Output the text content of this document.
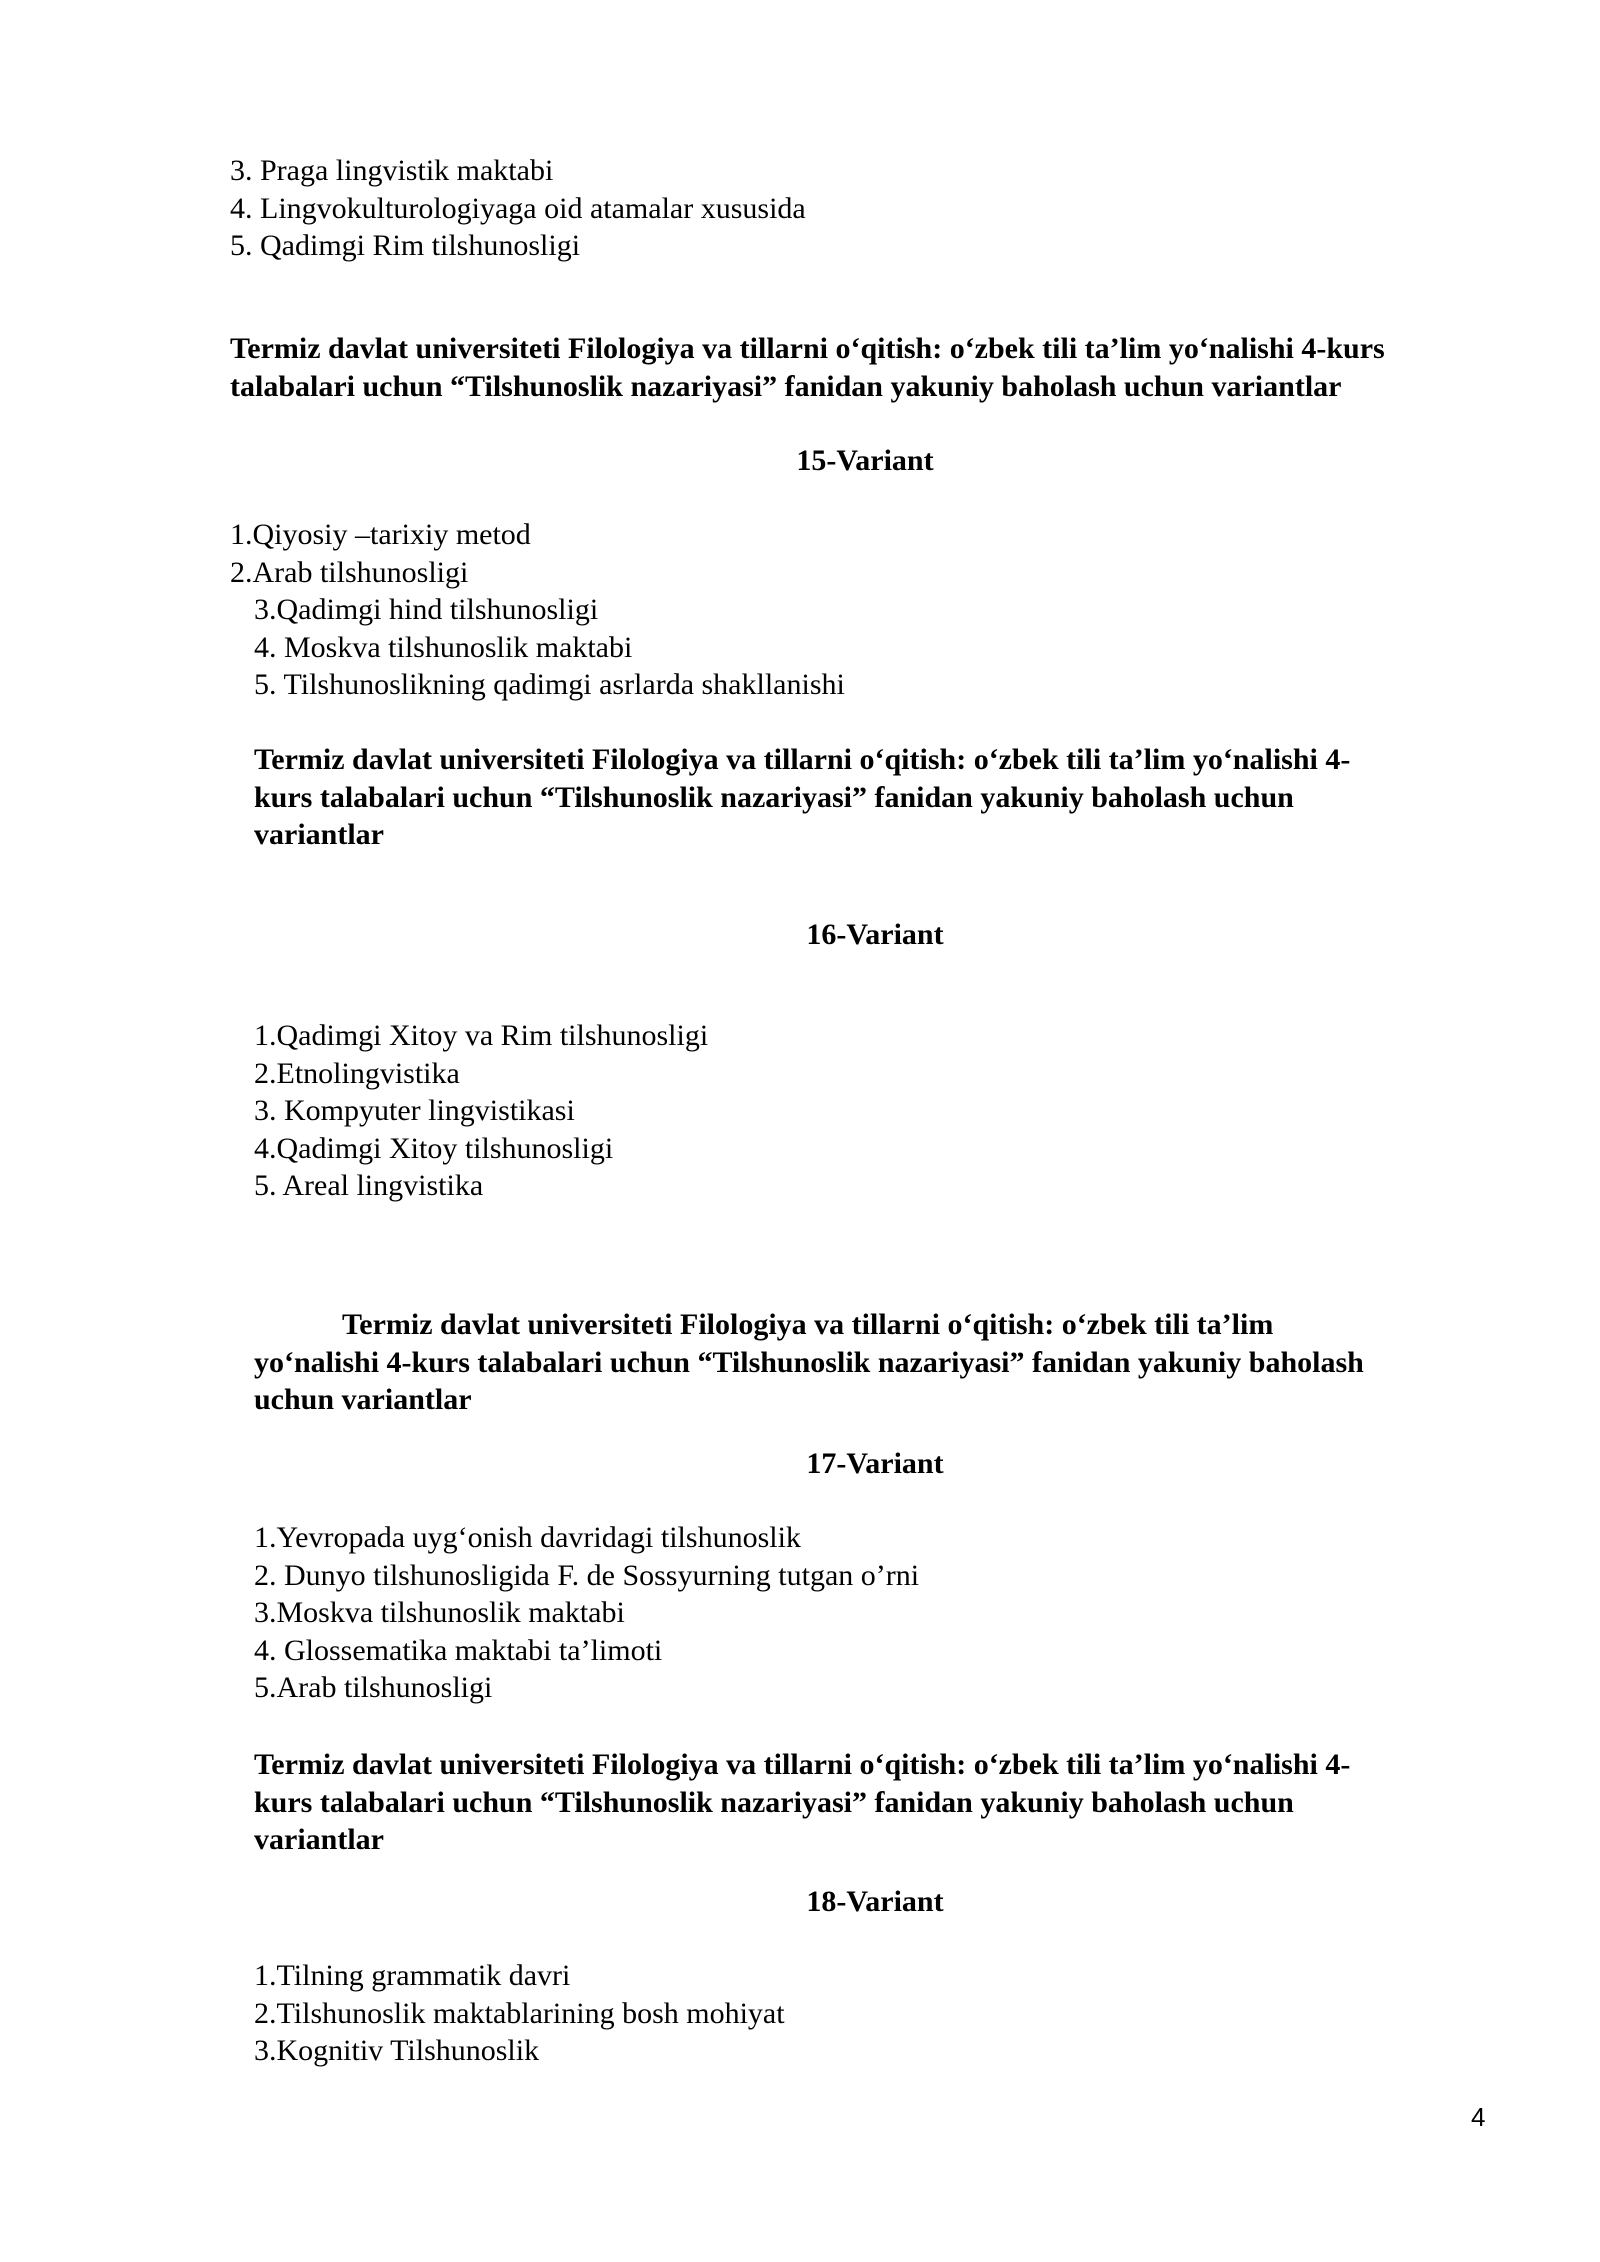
3. Praga lingvistik maktabi

4. Lingvokulturologiyaga oid atamalar xususida

5. Qadimgi Rim tilshunosligi

Termiz davlat universiteti Filologiya va tillarni o‘qitish: o‘zbek tili ta’lim yo‘nalishi 4-kurs
talabalari uchun “Tilshunoslik nazariyasi” fanidan yakuniy baholash uchun variantlar
15-Variant

1.Qiyosiy –tarixiy metod

2.Arab tilshunosligi

3.Qadimgi hind tilshunosligi

4. Moskva tilshunoslik maktabi

5. Tilshunoslikning qadimgi asrlarda shakllanishi

Termiz davlat universiteti Filologiya va tillarni o‘qitish: o‘zbek tili ta’lim yo‘nalishi 4-
kurs talabalari uchun “Tilshunoslik nazariyasi” fanidan yakuniy baholash uchun
variantlar
16-Variant

1.Qadimgi Xitoy va Rim tilshunosligi

2.Etnolingvistika

3. Kompyuter lingvistikasi

4.Qadimgi Xitoy tilshunosligi

5. Areal lingvistika

Termiz davlat universiteti Filologiya va tillarni o‘qitish: o‘zbek tili ta’lim
yo‘nalishi 4-kurs talabalari uchun “Tilshunoslik nazariyasi” fanidan yakuniy baholash
uchun variantlar
17-Variant

1.Yevropada uyg‘onish davridagi tilshunoslik

2. Dunyo tilshunosligida F. de Sossyurning tutgan o’rni

3.Moskva tilshunoslik maktabi

4. Glossematika maktabi ta’limoti

5.Arab tilshunosligi

Termiz davlat universiteti Filologiya va tillarni o‘qitish: o‘zbek tili ta’lim yo‘nalishi 4-
kurs talabalari uchun “Tilshunoslik nazariyasi” fanidan yakuniy baholash uchun
variantlar
18-Variant

1.Tilning grammatik davri

2.Tilshunoslik maktablarining bosh mohiyat

3.Kognitiv Tilshunoslik

4
